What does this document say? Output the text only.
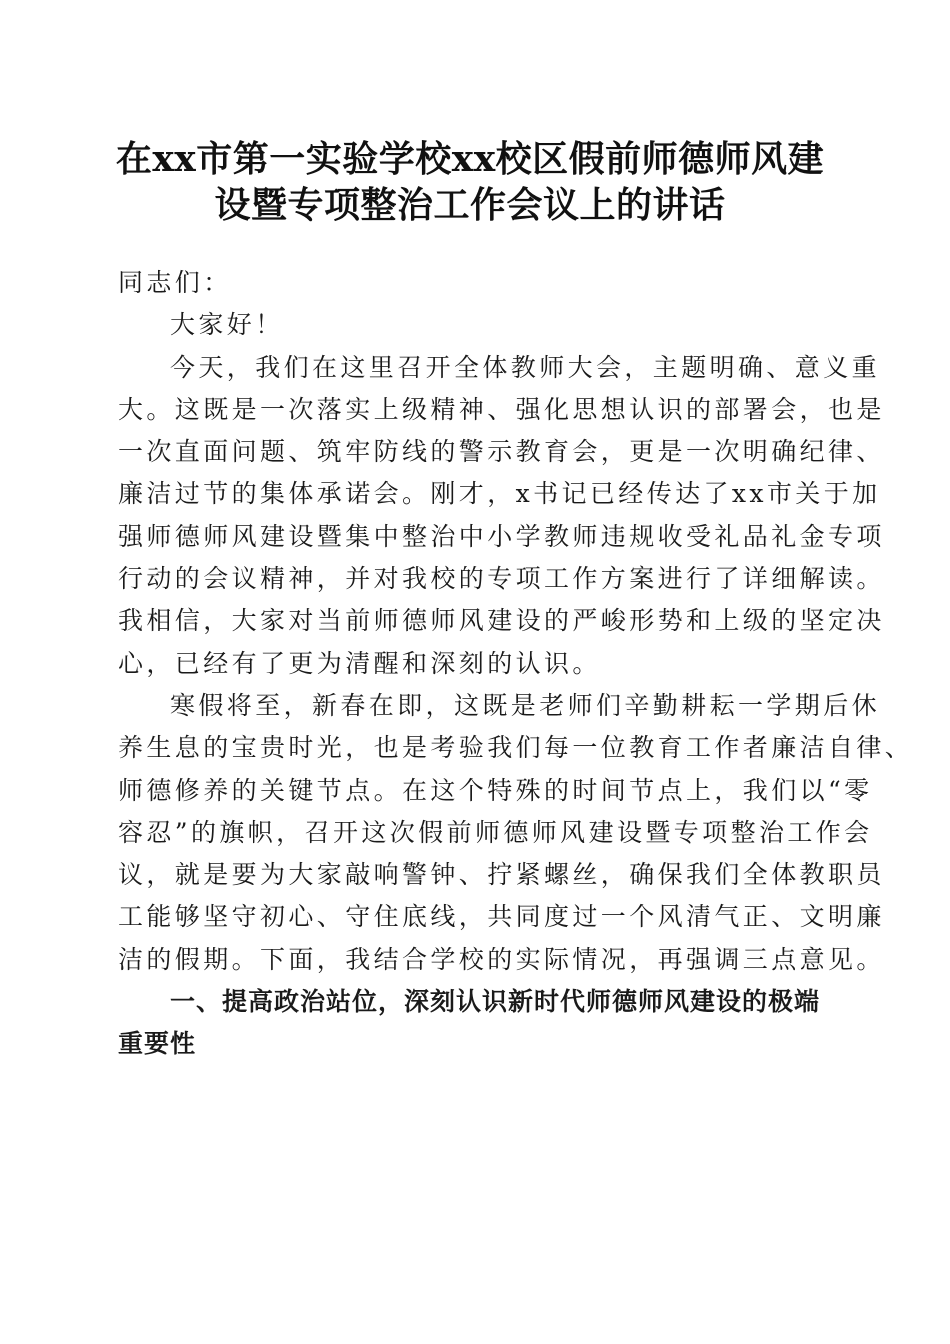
在xx市第一实验学校xx校区假前师德师风建
设暨专项整治工作会议上的讲话
同志们：
大家好！
今天，我们在这里召开全体教师大会，主题明确、意义重
大。这既是一次落实上级精神、强化思想认识的部署会，也是
一次直面问题、筑牢防线的警示教育会，更是一次明确纪律、
廉洁过节的集体承诺会。刚才，x书记已经传达了xx市关于加
强师德师风建设暨集中整治中小学教师违规收受礼品礼金专项
行动的会议精神，并对我校的专项工作方案进行了详细解读。
我相信，大家对当前师德师风建设的严峻形势和上级的坚定决
心，已经有了更为清醒和深刻的认识。
寒假将至，新春在即，这既是老师们辛勤耕耘一学期后休
养生息的宝贵时光，也是考验我们每一位教育工作者廉洁自律、
师德修养的关键节点。在这个特殊的时间节点上，我们以“零
容忍”的旗帜，召开这次假前师德师风建设暨专项整治工作会
议，就是要为大家敲响警钟、拧紧螺丝，确保我们全体教职员
工能够坚守初心、守住底线，共同度过一个风清气正、文明廉
洁的假期。下面，我结合学校的实际情况，再强调三点意见。
一、提高政治站位，深刻认识新时代师德师风建设的极端
重要性
